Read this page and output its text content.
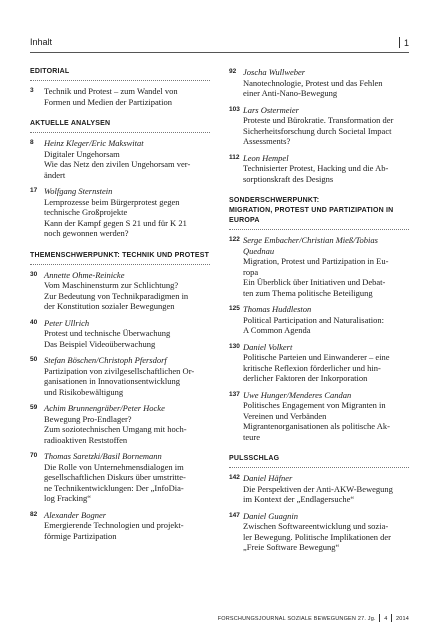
Inhalt	1
EDITORIAL
3	Technik und Protest – zum Wandel von
Formen und Medien der Partizipation
AKTUELLE ANALYSEN
8	Heinz Kleger/Eric Makswitat
Digitaler Ungehorsam
Wie das Netz den zivilen Ungehorsam ver-
ändert
17 Wolfgang Sternstein
Lernprozesse beim Bürgerprotest gegen
technische Großprojekte
Kann der Kampf gegen S 21 und für K 21
noch gewonnen werden?
THEMENSCHWERPUNKT: TECHNIK UND PROTEST
30 Annette Ohme-Reinicke
Vom Maschinensturm zur Schlichtung?
Zur Bedeutung von Technikparadigmen in
der Konstitution sozialer Bewegungen
40 Peter Ullrich
Protest und technische Überwachung
Das Beispiel Videoüberwachung
50 Stefan Böschen/Christoph Pfersdorf
Partizipation von zivilgesellschaftlichen Or-
ganisationen in Innovationsentwicklung
und Risikobewältigung
59 Achim Brunnengräber/Peter Hocke
Bewegung Pro-Endlager?
Zum soziotechnischen Umgang mit hoch-
radioaktiven Reststoffen
70 Thomas Saretzki/Basil Bornemann
Die Rolle von Unternehmensdialogen im
gesellschaftlichen Diskurs über umstritte-
ne Technikentwicklungen: Der „InfoDia-
log Fracking“
82 Alexander Bogner
Emergierende Technologien und projekt-
förmige Partizipation
92 Joscha Wullweber
Nanotechnologie, Protest und das Fehlen
einer Anti-Nano-Bewegung
103 Lars Ostermeier
Proteste und Bürokratie. Transformation der
Sicherheitsforschung durch Societal Impact
Assessments?
112 Leon Hempel
Technisierter Protest, Hacking und die Ab-
sorptionskraft des Designs
SONDERSCHWERPUNKT:
MIGRATION, PROTEST UND PARTIZIPATION IN EUROPA
122 Serge Embacher/Christian Mieß/Tobias
Quednau
Migration, Protest und Partizipation in Eu-
ropa
Ein Überblick über Initiativen und Debat-
ten zum Thema politische Beteiligung
125 Thomas Huddleston
Political Participation and Naturalisation:
A Common Agenda
130 Daniel Volkert
Politische Parteien und Einwanderer – eine
kritische Reflexion förderlicher und hin-
derlicher Faktoren der Inkorporation
137 Uwe Hunger/Menderes Candan
Politisches Engagement von Migranten in
Vereinen und Verbänden
Migrantenorganisationen als politische Ak-
teure
PULSSCHLAG
142 Daniel Häfner
Die Perspektiven der Anti-AKW-Bewegung
im Kontext der „Endlagersuche“
147 Daniel Guagnin
Zwischen Softwareentwicklung und sozia-
ler Bewegung. Politische Implikationen der
„Freie Software Bewegung“
FORSCHUNGSJOURNAL SOZIALE BEWEGUNGEN 27. Jg. 4 2014
